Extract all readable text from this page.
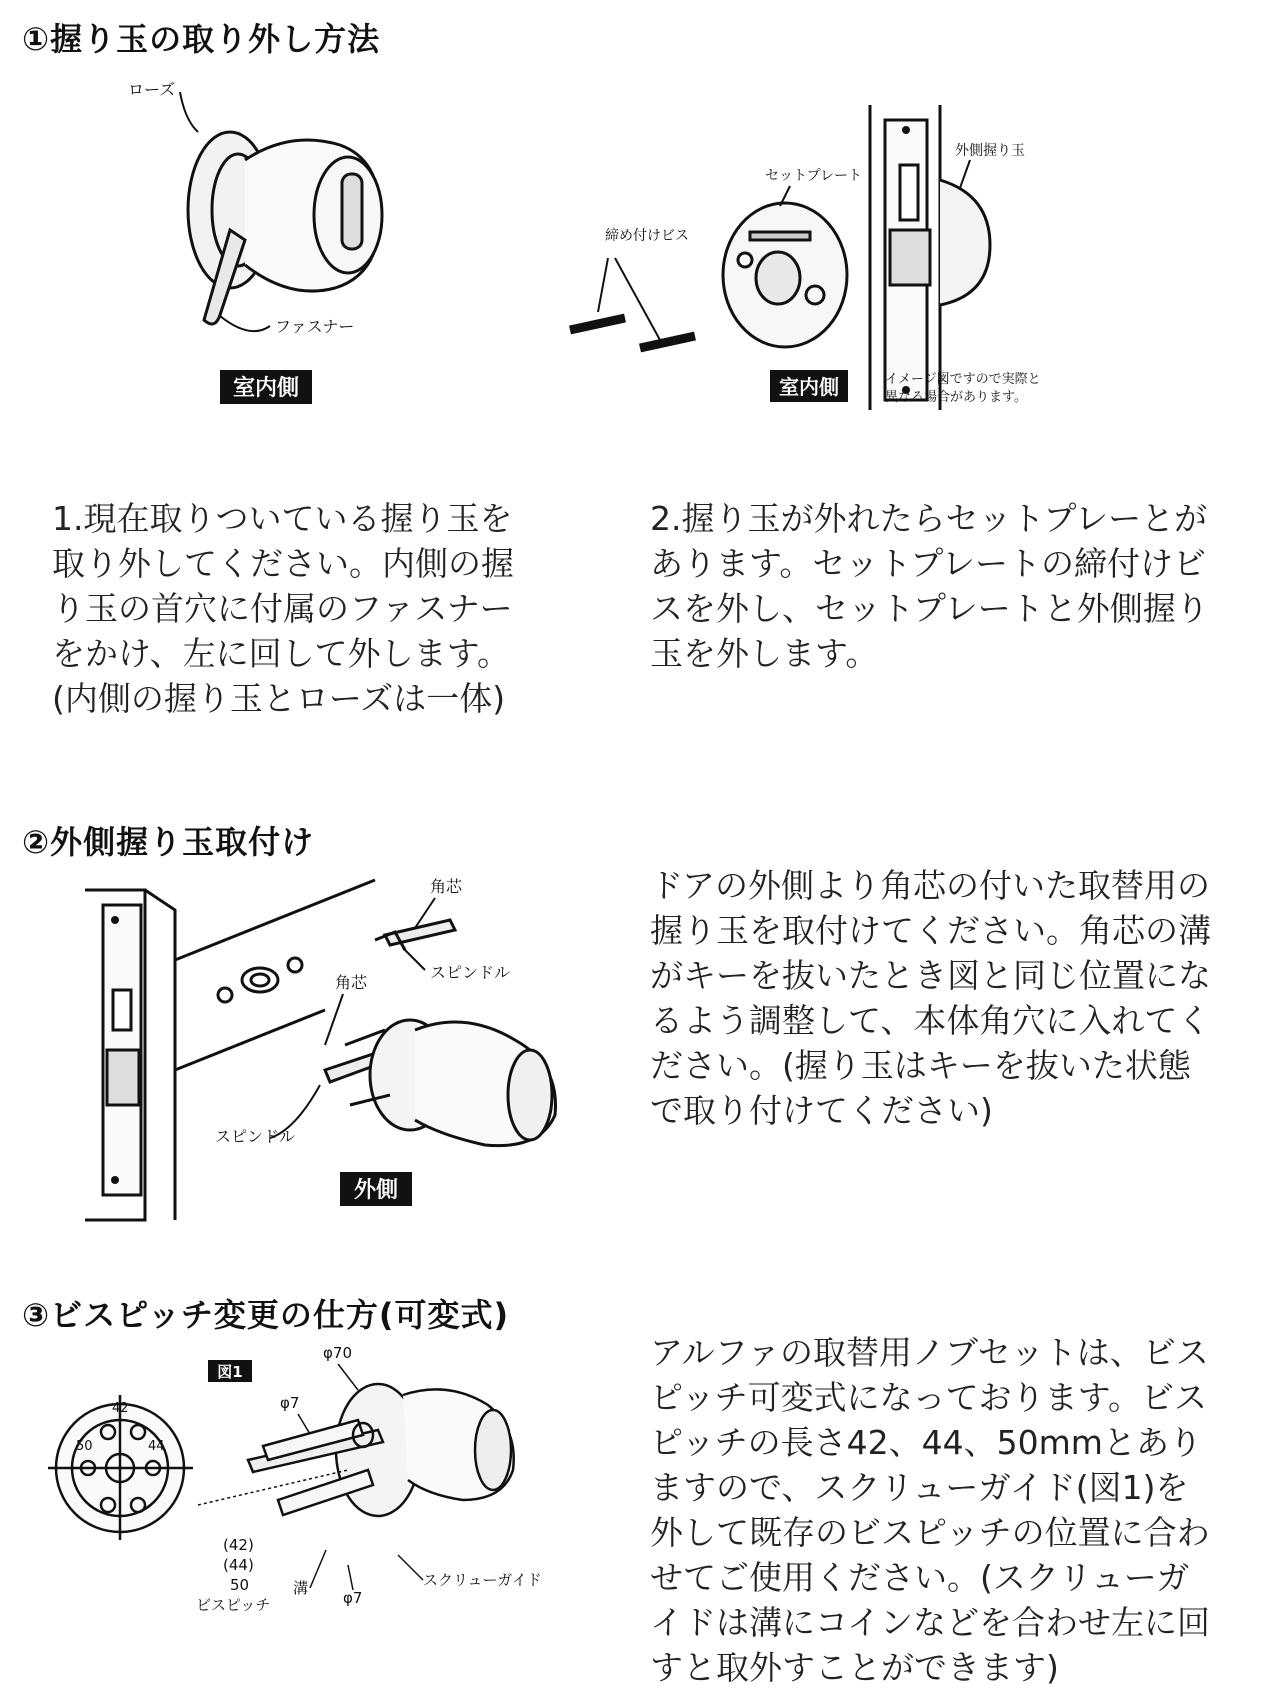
①握り玉の取り外し方法
ローズ
ファスナー
室内側
締め付けビス
セットプレート
外側握り玉
室内側	イメージ図ですので実際と
異なる場合があります。
1.現在取りついている握り玉を
取り外してください。内側の握
り玉の首穴に付属のファスナー
をかけ、左に回して外します。
(内側の握り玉とローズは一体)
2.握り玉が外れたらセットプレーとが
あります。セットプレートの締付けビ
スを外し、セットプレートと外側握り
玉を外します。
②外側握り玉取付け
角芯
スピンドル
角芯
スピンドル
外側
ドアの外側より角芯の付いた取替用の
握り玉を取付けてください。角芯の溝
がキーを抜いたとき図と同じ位置にな
るよう調整して、本体角穴に入れてく
ださい。(握り玉はキーを抜いた状態
で取り付けてください)
③ビスピッチ変更の仕方(可変式)
50
42
44
図1
φ70
φ7
(42)
(44)
50
ビスピッチ
溝
φ7
スクリューガイド
アルファの取替用ノブセットは、ビス
ピッチ可変式になっております。ビス
ピッチの長さ42、44、50mmとあり
ますので、スクリューガイド(図1)を
外して既存のビスピッチの位置に合わ
せてご使用ください。(スクリューガ
イドは溝にコインなどを合わせ左に回
すと取外すことができます)
